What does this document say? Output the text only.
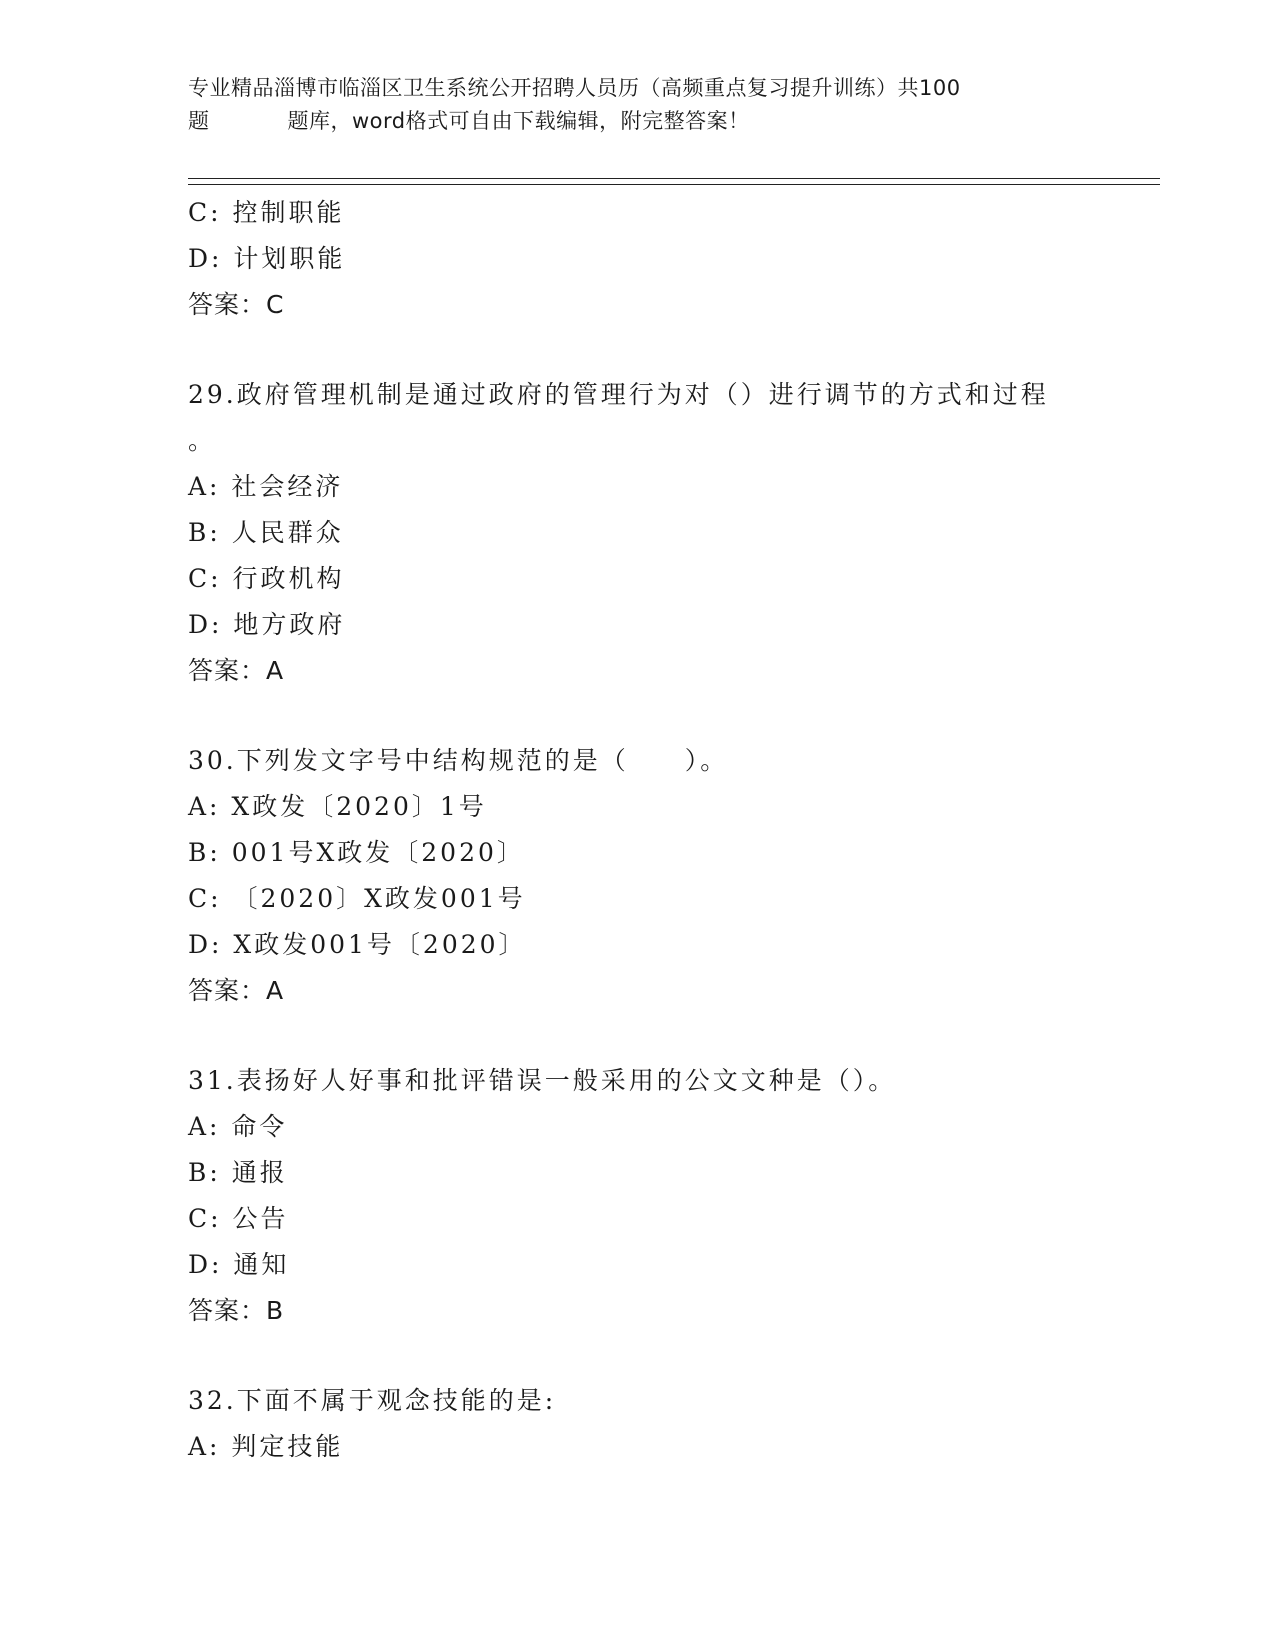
专业精品淄博市临淄区卫生系统公开招聘人员历（高频重点复习提升训练）共100
题	题库，word格式可自由下载编辑，附完整答案！
C: 控制职能
D: 计划职能
答案：C
29.政府管理机制是通过政府的管理行为对（）进行调节的方式和过程
。
A: 社会经济
B: 人民群众
C: 行政机构
D: 地方政府
答案：A
30.下列发文字号中结构规范的是（　　）。
A: X政发〔2020〕1号
B: 001号X政发〔2020〕
C: 〔2020〕X政发001号
D: X政发001号〔2020〕
答案：A
31.表扬好人好事和批评错误一般采用的公文文种是（）。
A: 命令
B: 通报
C: 公告
D: 通知
答案：B
32.下面不属于观念技能的是:
A: 判定技能
